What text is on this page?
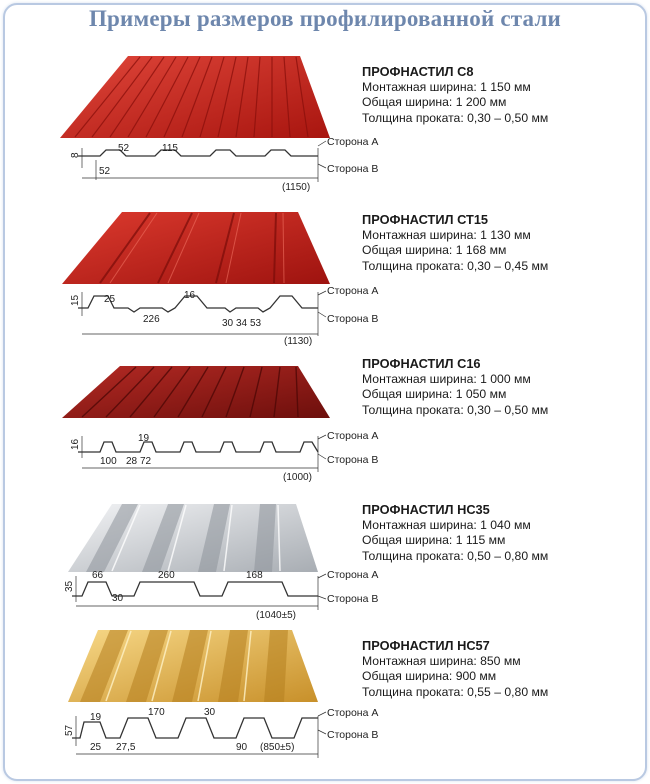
Примеры размеров профилированной стали
8
52	115
52
(1150)
Сторона А
Сторона В
ПРОФНАСТИЛ С8
Монтажная ширина: 1 150 мм
Общая ширина: 1 200 мм
Толщина проката: 0,30 – 0,50 мм
15 25	16
226	30 34 53
(1130)
Сторона А
Сторона В
ПРОФНАСТИЛ СТ15
Монтажная ширина: 1 130 мм
Общая ширина: 1 168 мм
Толщина проката: 0,30 – 0,45 мм
16
19
100 28 72
(1000)
Сторона А
Сторона В
ПРОФНАСТИЛ С16
Монтажная ширина: 1 000 мм
Общая ширина: 1 050 мм
Толщина проката: 0,30 – 0,50 мм
35
66	260	168
30
(1040±5)
Сторона А
Сторона В
ПРОФНАСТИЛ НС35
Монтажная ширина: 1 040 мм
Общая ширина: 1 115 мм
Толщина проката: 0,50 – 0,80 мм
57
19	170	30
25 27,5	90 (850±5)
Сторона А
Сторона В
ПРОФНАСТИЛ НС57
Монтажная ширина: 850 мм
Общая ширина: 900 мм
Толщина проката: 0,55 – 0,80 мм
